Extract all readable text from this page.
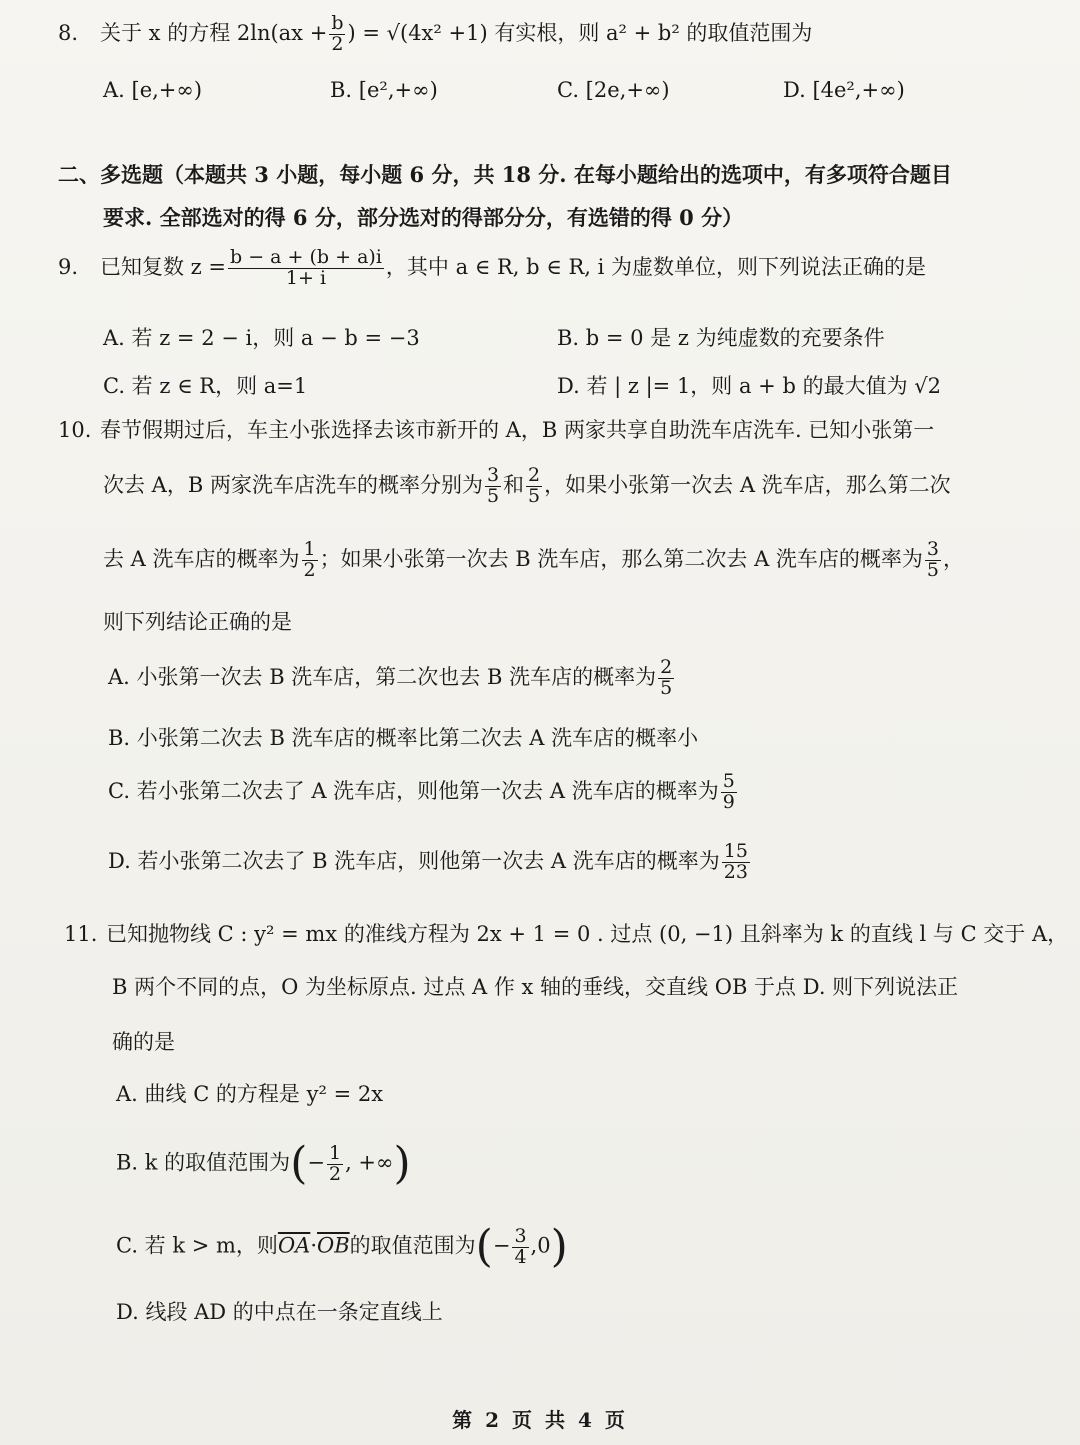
8. 关于 x 的方程 $2\ln(ax + \frac{b}{2}$ ) = √(4x² +1) 有实根，则 a² + b² 的取值范围为
A. [e,+∞)	B. [e²,+∞)	C. [2e,+∞)	D. [4e²,+∞)
二、多选题（本题共 3 小题，每小题 6 分，共 18 分. 在每小题给出的选项中，有多项符合题目
要求. 全部选对的得 6 分，部分选对的得部分分，有选错的得 0 分）
9. 已知复数 $z = \frac{b - a + (b + a)i}{1+ i}$ ，其中 a ∈ R, b ∈ R, i 为虚数单位，则下列说法正确的是
A. 若 z = 2 − i，则 a − b = −3	B. b = 0 是 z 为纯虚数的充要条件
C. 若 z ∈ R，则 a=1	D. 若 | z |= 1，则 a + b 的最大值为 √2
10. 春节假期过后，车主小张选择去该市新开的 A，B 两家共享自助洗车店洗车. 已知小张第一
次去 A，B 两家洗车店洗车的概率分别为 $\frac{3}{5}$ 和 $\frac{2}{5}$ ，如果小张第一次去 A 洗车店，那么第二次
去 A 洗车店的概率为 $\frac{1}{2}$ ；如果小张第一次去 B 洗车店，那么第二次去 A 洗车店的概率为 $\frac{3}{5}$ ，
则下列结论正确的是
A. 小张第一次去 B 洗车店，第二次也去 B 洗车店的概率为 $\frac{2}{5}$
B. 小张第二次去 B 洗车店的概率比第二次去 A 洗车店的概率小
C. 若小张第二次去了 A 洗车店，则他第一次去 A 洗车店的概率为 $\frac{5}{9}$
D. 若小张第二次去了 B 洗车店，则他第一次去 A 洗车店的概率为 $\frac{15}{23}$
11. 已知抛物线 C : y² = mx 的准线方程为 2x + 1 = 0 . 过点 (0, −1) 且斜率为 k 的直线 l 与 C 交于 A，
B 两个不同的点，O 为坐标原点. 过点 A 作 x 轴的垂线，交直线 OB 于点 D. 则下列说法正
确的是
A. 曲线 C 的方程是 y² = 2x
B. k 的取值范围为(− $\frac{1}{2}$ , +∞)
C. 若 k > m，则$\overline{OA}\cdot\overline{OB}$的取值范围为(− $\frac{3}{4} ,0$)
D. 线段 AD 的中点在一条定直线上
第 2 页 共 4 页
